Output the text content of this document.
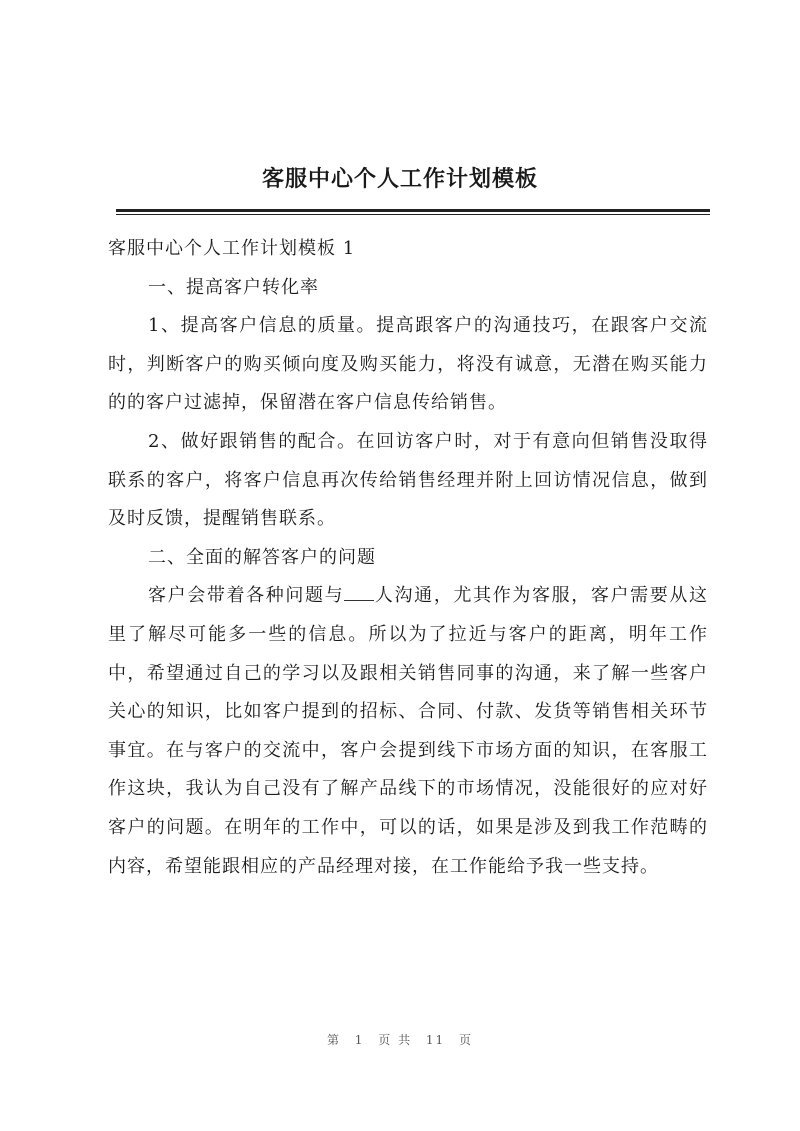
客服中心个人工作计划模板

客服中心个人工作计划模板 1

一、提高客户转化率

1、提高客户信息的质量。提高跟客户的沟通技巧，在跟客户交流时，判断客户的购买倾向度及购买能力，将没有诚意，无潜在购买能力的的客户过滤掉，保留潜在客户信息传给销售。

2、做好跟销售的配合。在回访客户时，对于有意向但销售没取得联系的客户，将客户信息再次传给销售经理并附上回访情况信息，做到及时反馈，提醒销售联系。

二、全面的解答客户的问题

客户会带着各种问题与 人沟通，尤其作为客服，客户需要从这里了解尽可能多一些的信息。所以为了拉近与客户的距离，明年工作中，希望通过自己的学习以及跟相关销售同事的沟通，来了解一些客户关心的知识，比如客户提到的招标、合同、付款、发货等销售相关环节事宜。在与客户的交流中，客户会提到线下市场方面的知识，在客服工作这块，我认为自己没有了解产品线下的市场情况，没能很好的应对好客户的问题。在明年的工作中，可以的话，如果是涉及到我工作范畴的内容，希望能跟相应的产品经理对接，在工作能给予我一些支持。

第 1 页 共 11 页
